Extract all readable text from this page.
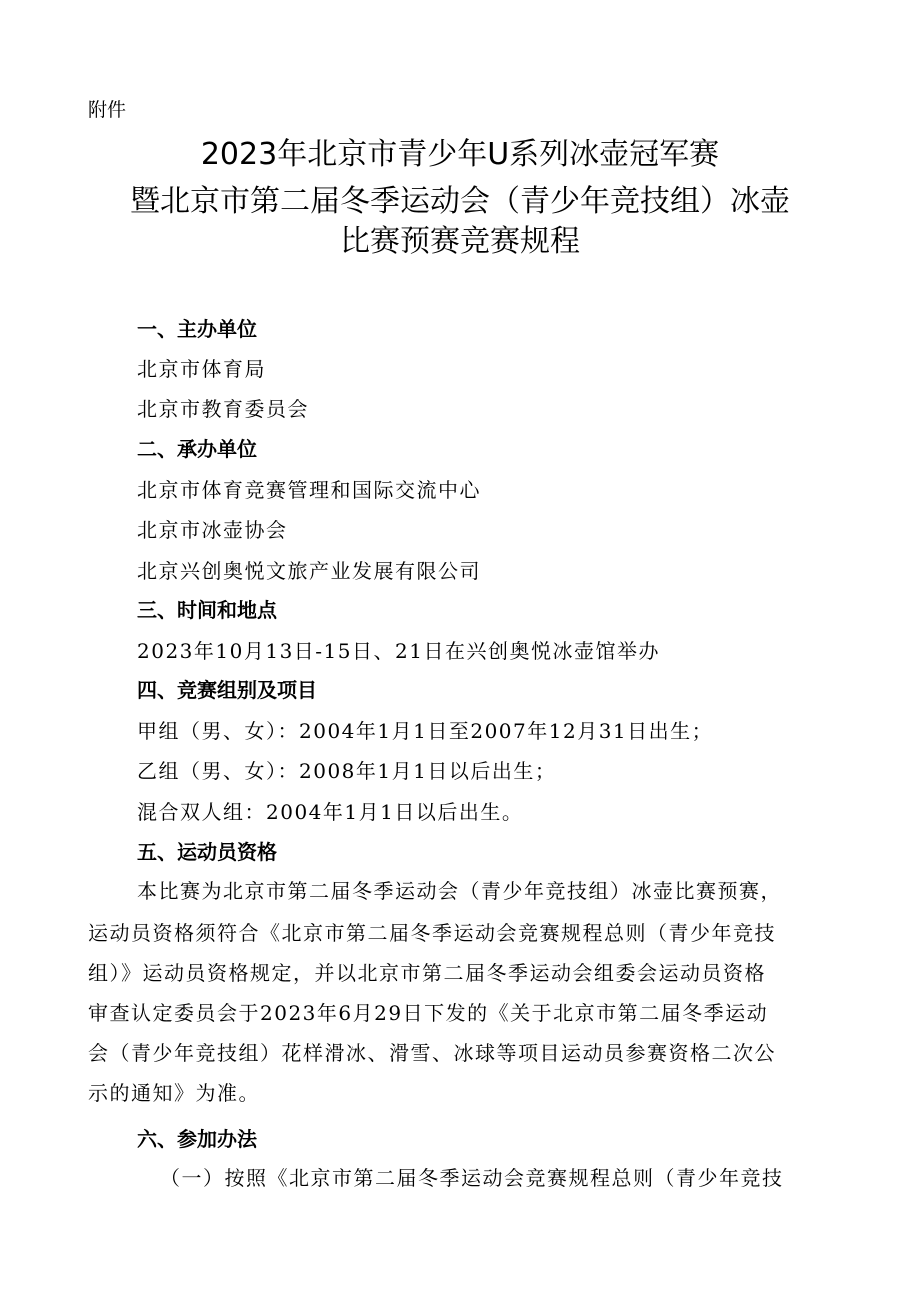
附件
2023年北京市青少年U系列冰壶冠军赛
暨北京市第二届冬季运动会（青少年竞技组）冰壶
比赛预赛竞赛规程
一、主办单位
北京市体育局
北京市教育委员会
二、承办单位
北京市体育竞赛管理和国际交流中心
北京市冰壶协会
北京兴创奥悦文旅产业发展有限公司
三、时间和地点
2023年10月13日-15日、21日在兴创奥悦冰壶馆举办
四、竞赛组别及项目
甲组（男、女）：2004年1月1日至2007年12月31日出生；
乙组（男、女）：2008年1月1日以后出生；
混合双人组：2004年1月1日以后出生。
五、运动员资格
本比赛为北京市第二届冬季运动会（青少年竞技组）冰壶比赛预赛，
运动员资格须符合《北京市第二届冬季运动会竞赛规程总则（青少年竞技
组）》运动员资格规定，并以北京市第二届冬季运动会组委会运动员资格
审查认定委员会于2023年6月29日下发的《关于北京市第二届冬季运动
会（青少年竞技组）花样滑冰、滑雪、冰球等项目运动员参赛资格二次公
示的通知》为准。
六、参加办法
（一）按照《北京市第二届冬季运动会竞赛规程总则（青少年竞技
